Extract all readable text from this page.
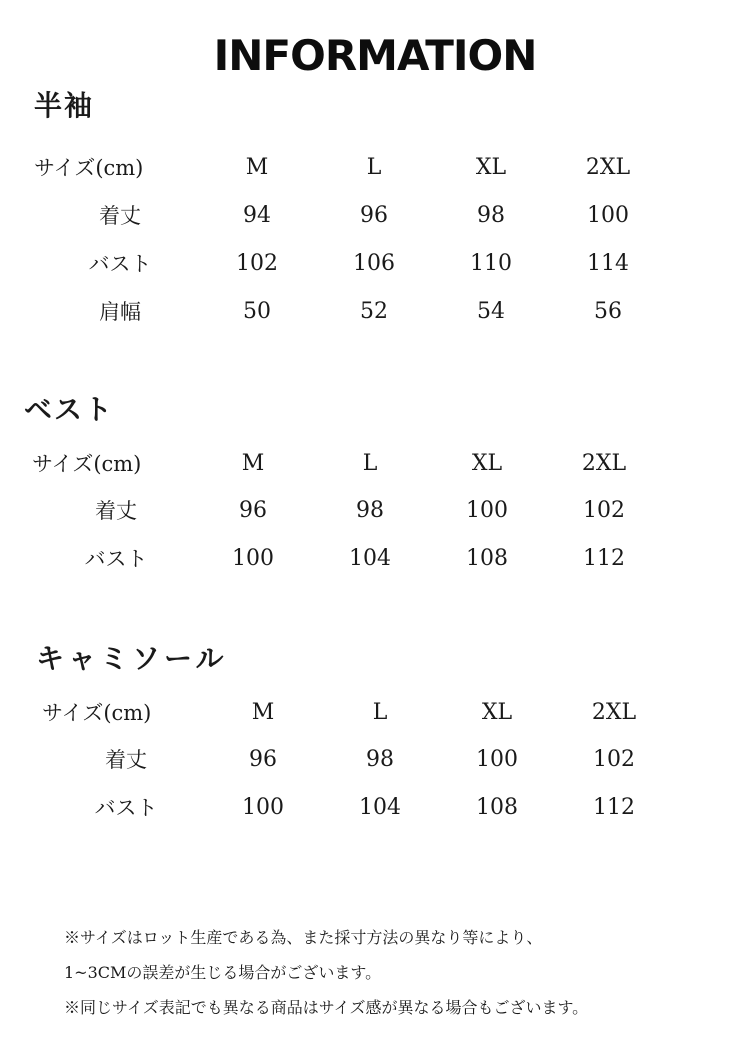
INFORMATION
半袖
サイズ(cm)	M	L	XL	2XL
着丈	94	96	98	100
バスト	102	106	110	114
肩幅	50	52	54	56
ベスト
サイズ(cm)	M	L	XL	2XL
着丈	96	98	100	102
バスト	100	104	108	112
キャミソール
サイズ(cm)	M	L	XL	2XL
着丈	96	98	100	102
バスト	100	104	108	112
※サイズはロット生産である為、また採寸方法の異なり等により、
1~3CMの誤差が生じる場合がございます。
※同じサイズ表記でも異なる商品はサイズ感が異なる場合もございます。
